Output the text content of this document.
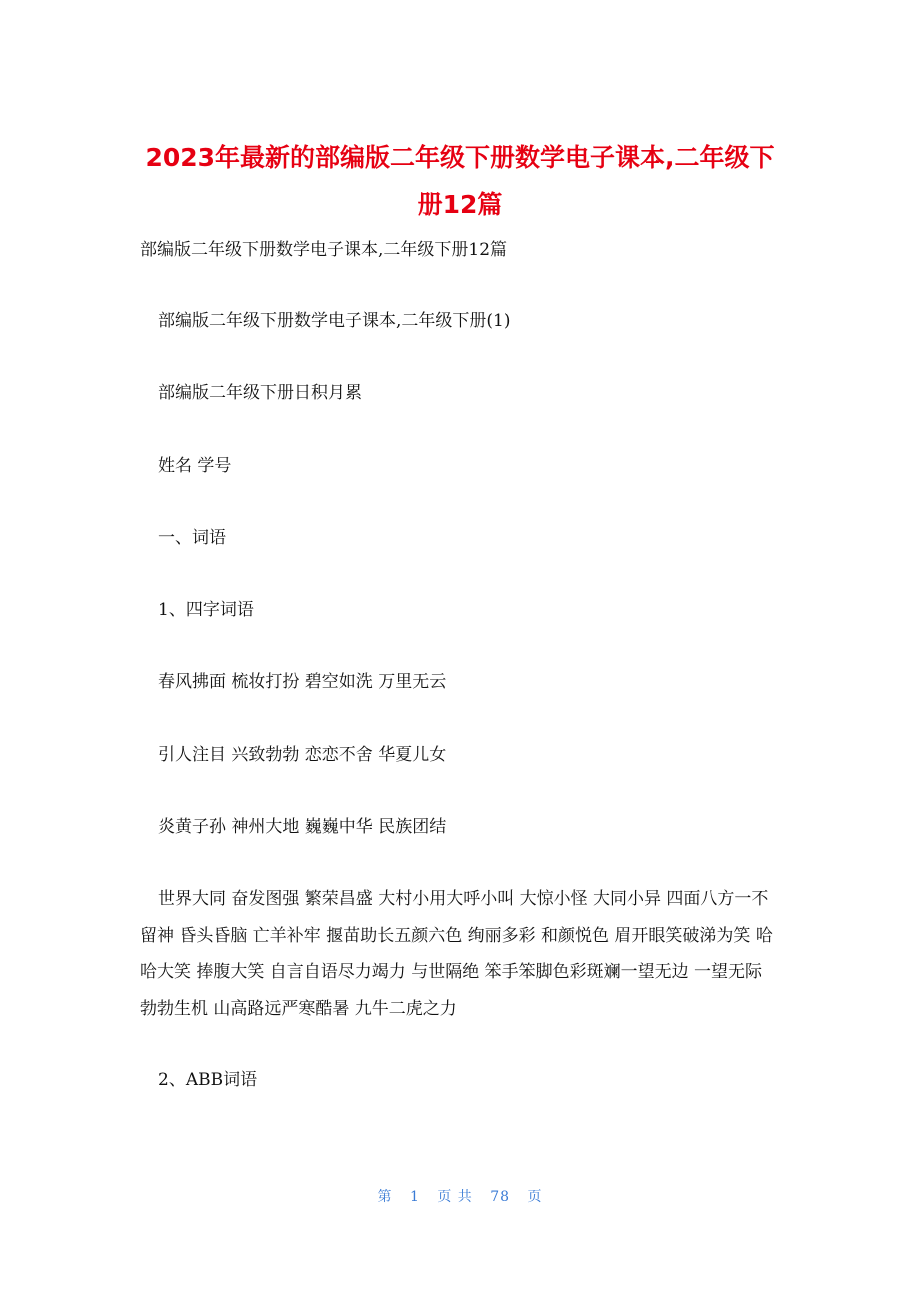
2023年最新的部编版二年级下册数学电子课本,二年级下
册12篇

部编版二年级下册数学电子课本,二年级下册12篇

部编版二年级下册数学电子课本,二年级下册(1)

部编版二年级下册日积月累

姓名 学号

一、词语

1、四字词语

春风拂面 梳妆打扮 碧空如洗 万里无云

引人注目 兴致勃勃 恋恋不舍 华夏儿女

炎黄子孙 神州大地 巍巍中华 民族团结

世界大同 奋发图强 繁荣昌盛 大村小用大呼小叫 大惊小怪 大同小异 四面八方一不留神 昏头昏脑 亡羊补牢 揠苗助长五颜六色 绚丽多彩 和颜悦色 眉开眼笑破涕为笑 哈哈大笑 捧腹大笑 自言自语尽力竭力 与世隔绝 笨手笨脚色彩斑斓一望无边 一望无际 勃勃生机 山高路远严寒酷暑 九牛二虎之力

2、ABB词语

第 1 页 共 78 页
